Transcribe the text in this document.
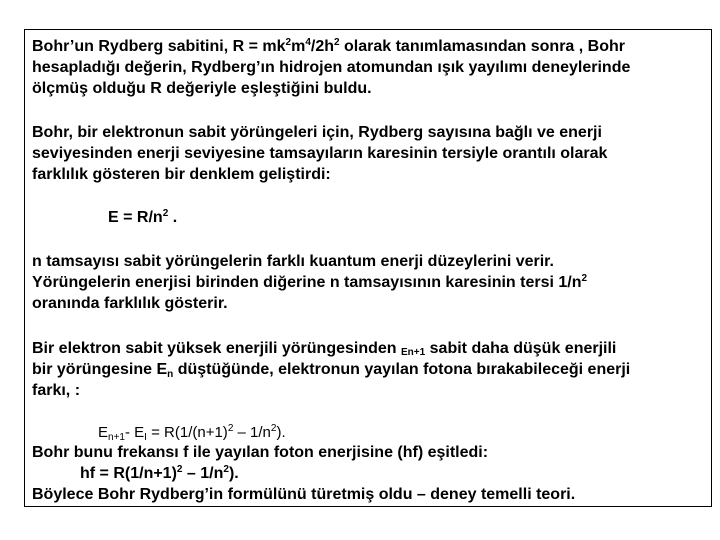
Bohr’un Rydberg sabitini, $R = mk^2m^4/2h^2$ olarak tanımlamasından sonra , Bohr
hesapladığı değerin, Rydberg’ın hidrojen atomundan ışık yayılımı deneylerinde
ölçmüş olduğu R değeriyle eşleştiğini buldu.
Bohr, bir elektronun sabit yörüngeleri için, Rydberg sayısına bağlı ve enerji
seviyesinden enerji seviyesine tamsayıların karesinin tersiyle orantılı olarak
farklılık gösteren bir denklem geliştirdi:
$E = R/n^2$ .
n tamsayısı sabit yörüngelerin farklı kuantum enerji düzeylerini verir.
Yörüngelerin enerjisi birinden diğerine n tamsayısının karesinin tersi $1/n^2$
oranında farklılık gösterir.
Bir elektron sabit yüksek enerjili yörüngesinden En+1 sabit daha düşük enerjili
bir yörüngesine $E_n$ düştüğünde, elektronun yayılan fotona bırakabileceği enerji
farkı, :
$E_{n+1}-$ $E_I = R(1/(n+1)^2 - 1/n^2)$.
Bohr bunu frekansı f ile yayılan foton enerjisine (hf) eşitledi:
hf = $R(1/n+1)^2 - 1/n^2$).
Böylece Bohr Rydberg’in formülünü türetmiş oldu – deney temelli teori.
